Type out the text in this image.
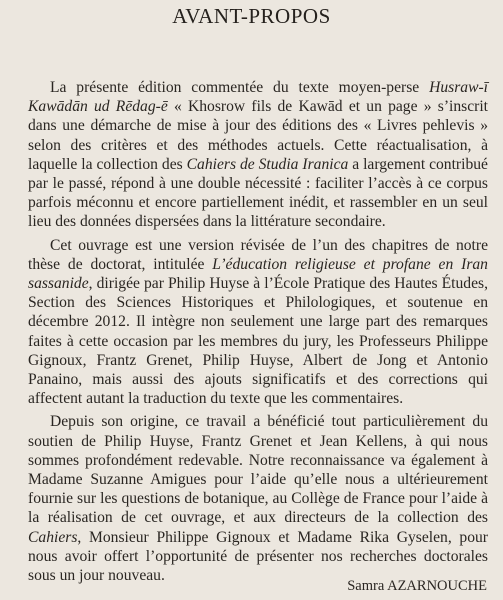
AVANT-PROPOS

La présente édition commentée du texte moyen-perse Husraw-ī Kawādān ud Rēdag-ē « Khosrow fils de Kawād et un page » s’inscrit dans une démarche de mise à jour des éditions des « Livres pehlevis » selon des critères et des méthodes actuels. Cette réactualisation, à laquelle la collection des Cahiers de Studia Iranica a largement contribué par le passé, répond à une double nécessité : faciliter l’accès à ce corpus parfois méconnu et encore partiellement inédit, et rassembler en un seul lieu des données dispersées dans la littérature secondaire.

Cet ouvrage est une version révisée de l’un des chapitres de notre thèse de doctorat, intitulée L’éducation religieuse et profane en Iran sassanide, dirigée par Philip Huyse à l’École Pratique des Hautes Études, Section des Sciences Historiques et Philologiques, et soutenue en décembre 2012. Il intègre non seulement une large part des remarques faites à cette occasion par les membres du jury, les Professeurs Philippe Gignoux, Frantz Grenet, Philip Huyse, Albert de Jong et Antonio Panaino, mais aussi des ajouts significatifs et des corrections qui affectent autant la traduction du texte que les commentaires.

Depuis son origine, ce travail a bénéficié tout particulièrement du soutien de Philip Huyse, Frantz Grenet et Jean Kellens, à qui nous sommes profondément redevable. Notre reconnaissance va également à Madame Suzanne Amigues pour l’aide qu’elle nous a ultérieurement fournie sur les questions de botanique, au Collège de France pour l’aide à la réalisation de cet ouvrage, et aux directeurs de la collection des Cahiers, Monsieur Philippe Gignoux et Madame Rika Gyselen, pour nous avoir offert l’opportunité de présenter nos recherches doctorales sous un jour nouveau.

Samra AZARNOUCHE
